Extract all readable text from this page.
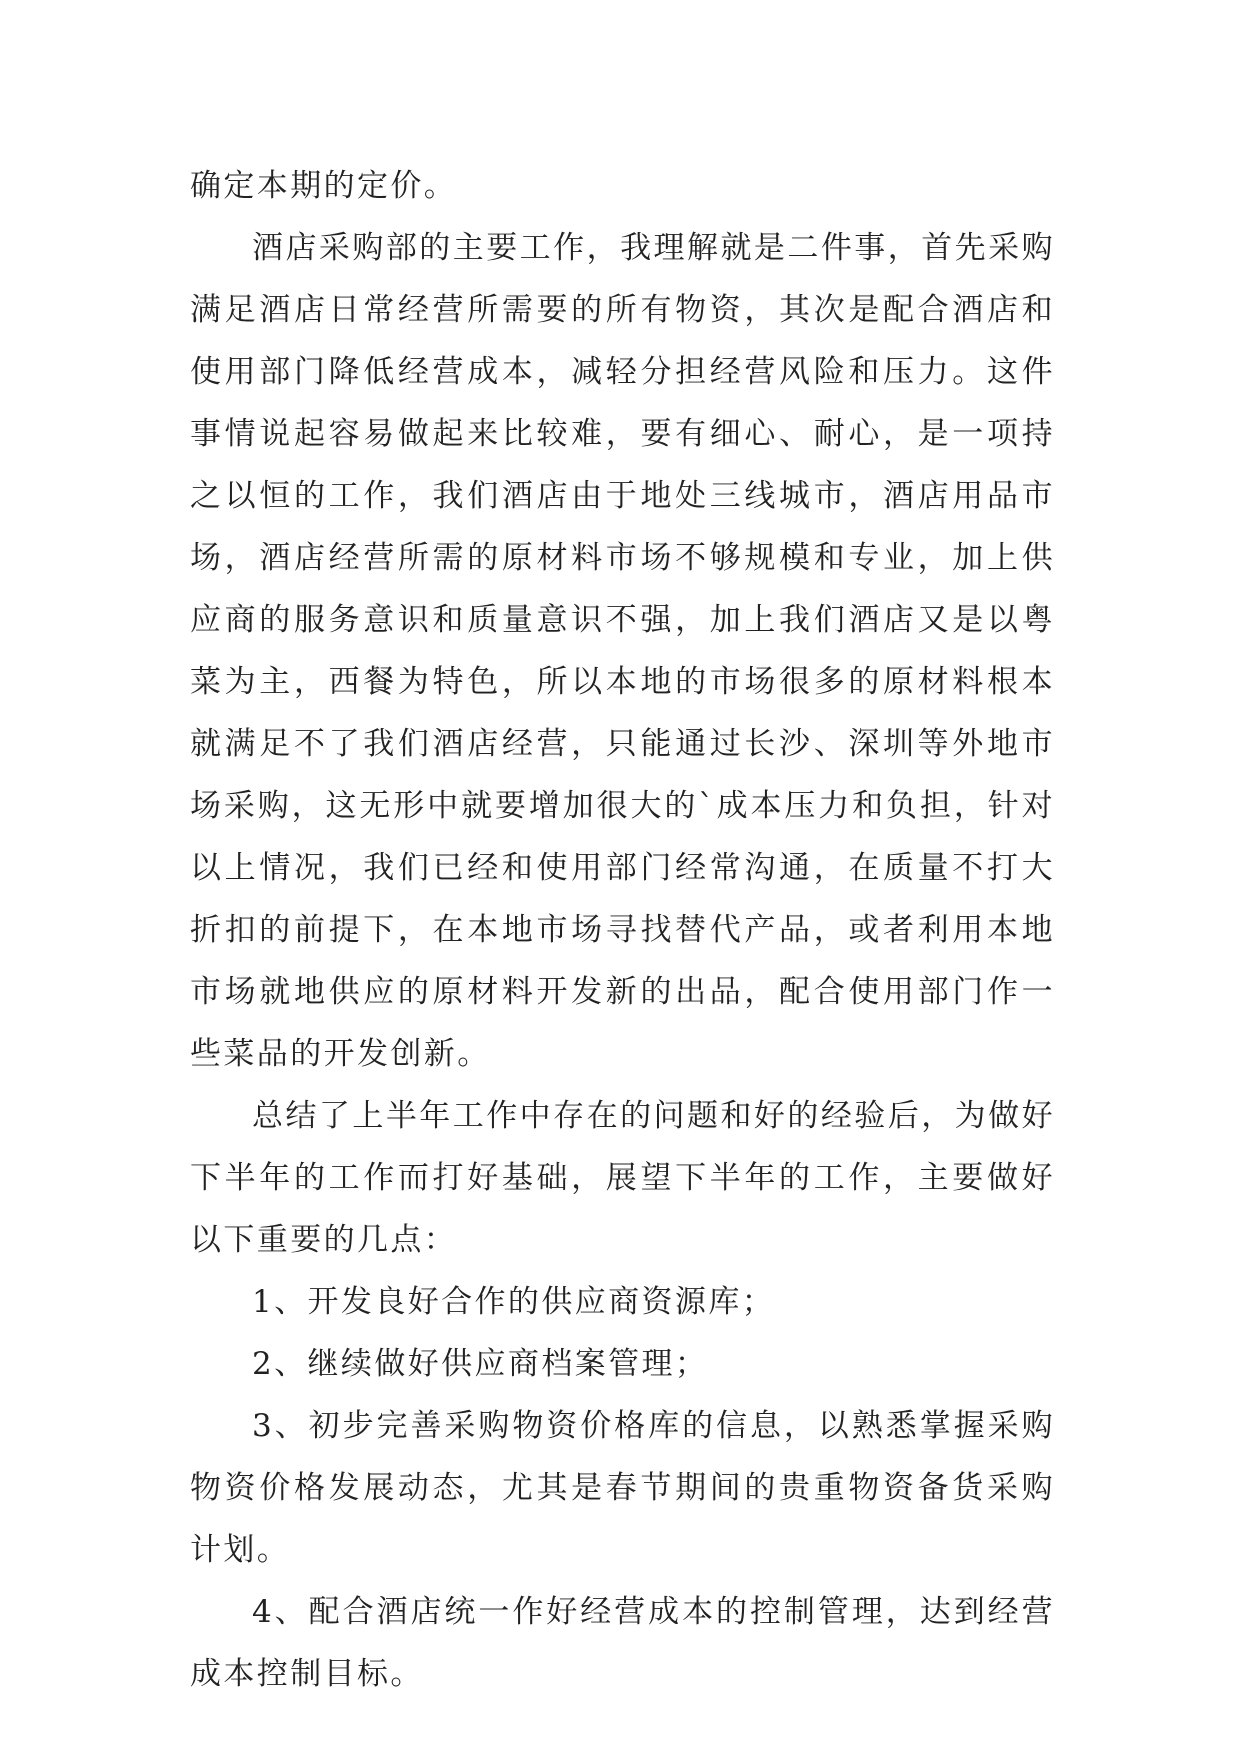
确定本期的定价。

酒店采购部的主要工作，我理解就是二件事，首先采购满足酒店日常经营所需要的所有物资，其次是配合酒店和使用部门降低经营成本，减轻分担经营风险和压力。这件事情说起容易做起来比较难，要有细心、耐心，是一项持之以恒的工作，我们酒店由于地处三线城市，酒店用品市场，酒店经营所需的原材料市场不够规模和专业，加上供应商的服务意识和质量意识不强，加上我们酒店又是以粤菜为主，西餐为特色，所以本地的市场很多的原材料根本就满足不了我们酒店经营，只能通过长沙、深圳等外地市场采购，这无形中就要增加很大的`成本压力和负担，针对以上情况，我们已经和使用部门经常沟通，在质量不打大折扣的前提下，在本地市场寻找替代产品，或者利用本地市场就地供应的原材料开发新的出品，配合使用部门作一些菜品的开发创新。

总结了上半年工作中存在的问题和好的经验后，为做好下半年的工作而打好基础，展望下半年的工作，主要做好以下重要的几点：

1、开发良好合作的供应商资源库；

2、继续做好供应商档案管理；

3、初步完善采购物资价格库的信息，以熟悉掌握采购物资价格发展动态，尤其是春节期间的贵重物资备货采购计划。

4、配合酒店统一作好经营成本的控制管理，达到经营成本控制目标。
